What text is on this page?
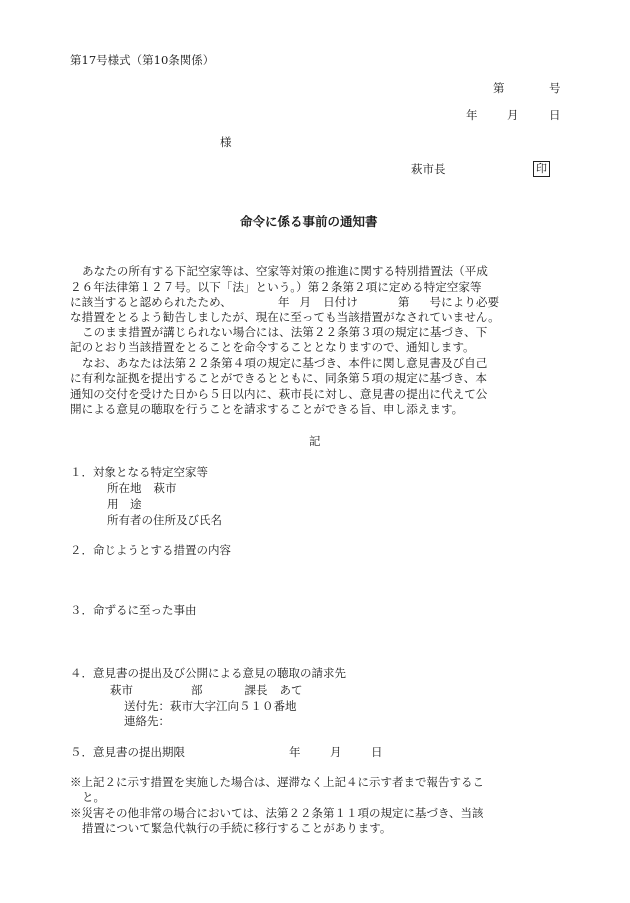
第17号様式（第10条関係）
第	号
年	月	日
様
萩市長	印
命令に係る事前の通知書
あなたの所有する下記空家等は、空家等対策の推進に関する特別措置法（平成
２６年法律第１２７号。以下「法」という。）第２条第２項に定める特定空家等
に該当すると認められたため、	年 月 日付け	第 号により必要
な措置をとるよう勧告しましたが、現在に至っても当該措置がなされていません。
このまま措置が講じられない場合には、法第２２条第３項の規定に基づき、下
記のとおり当該措置をとることを命令することとなりますので、通知します。
なお、あなたは法第２２条第４項の規定に基づき、本件に関し意見書及び自己
に有利な証拠を提出することができるとともに、同条第５項の規定に基づき、本
通知の交付を受けた日から５日以内に、萩市長に対し、意見書の提出に代えて公
開による意見の聴取を行うことを請求することができる旨、申し添えます。
記
１．対象となる特定空家等
所在地 萩市
用　途
所有者の住所及び氏名
２．命じようとする措置の内容
３．命ずるに至った事由
４．意見書の提出及び公開による意見の聴取の請求先
萩市	部	課長 あて
送付先：萩市大字江向５１０番地
連絡先：
５．意見書の提出期限	年	月	日
※上記２に示す措置を実施した場合は、遅滞なく上記４に示す者まで報告するこ
と。
※災害その他非常の場合においては、法第２２条第１１項の規定に基づき、当該
措置について緊急代執行の手続に移行することがあります。
